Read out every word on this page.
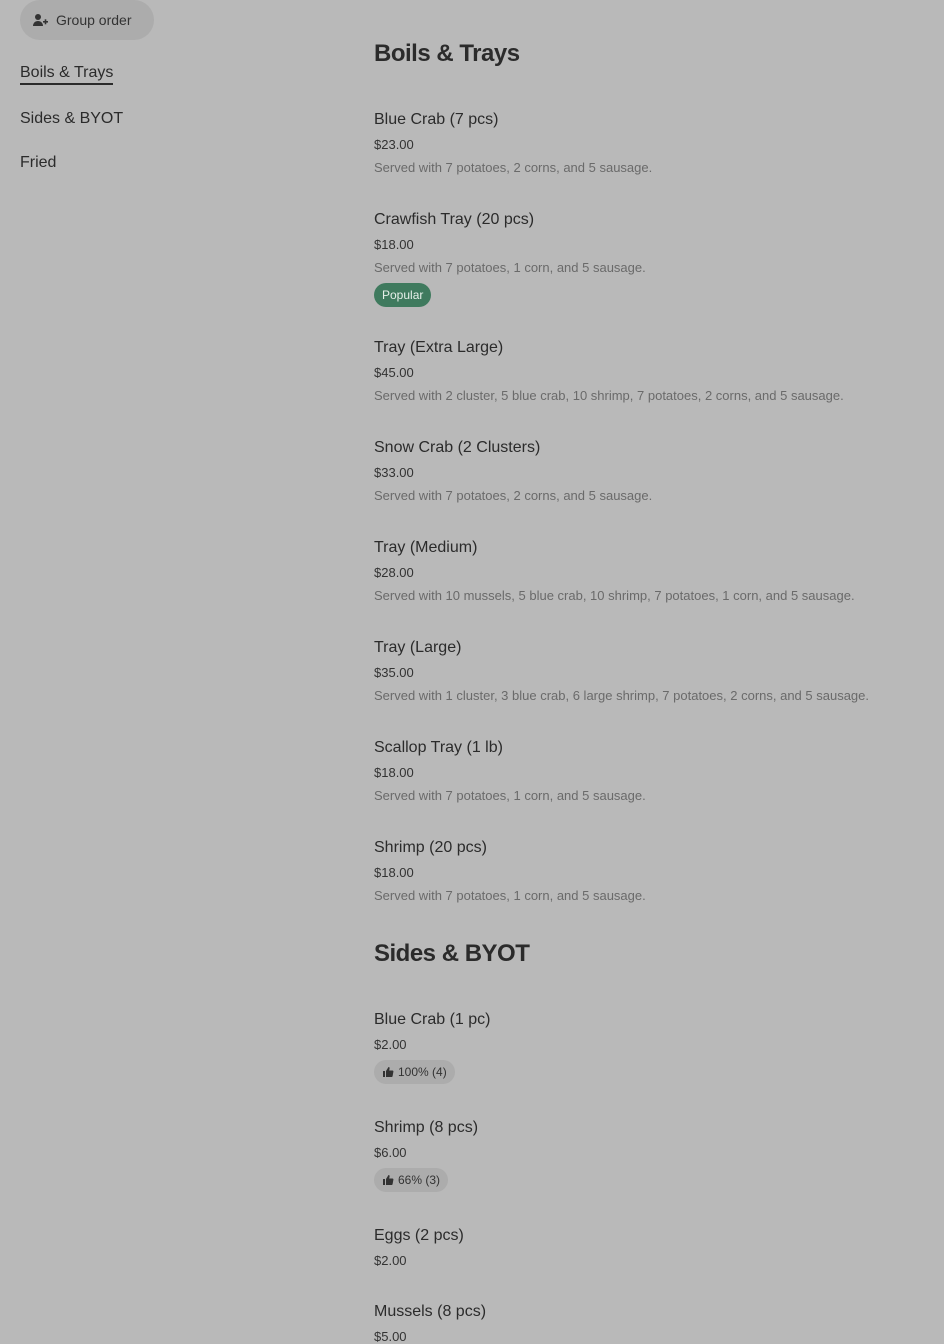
Group order
Boils & Trays
Sides & BYOT
Fried
Boils & Trays
Blue Crab (7 pcs)
$23.00
Served with 7 potatoes, 2 corns, and 5 sausage.
Crawfish Tray (20 pcs)
$18.00
Served with 7 potatoes, 1 corn, and 5 sausage.
Popular
Tray (Extra Large)
$45.00
Served with 2 cluster, 5 blue crab, 10 shrimp, 7 potatoes, 2 corns, and 5 sausage.
Snow Crab (2 Clusters)
$33.00
Served with 7 potatoes, 2 corns, and 5 sausage.
Tray (Medium)
$28.00
Served with 10 mussels, 5 blue crab, 10 shrimp, 7 potatoes, 1 corn, and 5 sausage.
Tray (Large)
$35.00
Served with 1 cluster, 3 blue crab, 6 large shrimp, 7 potatoes, 2 corns, and 5 sausage.
Scallop Tray (1 lb)
$18.00
Served with 7 potatoes, 1 corn, and 5 sausage.
Shrimp (20 pcs)
$18.00
Served with 7 potatoes, 1 corn, and 5 sausage.
Sides & BYOT
Blue Crab (1 pc)
$2.00
100% (4)
Shrimp (8 pcs)
$6.00
66% (3)
Eggs (2 pcs)
$2.00
Mussels (8 pcs)
$5.00
